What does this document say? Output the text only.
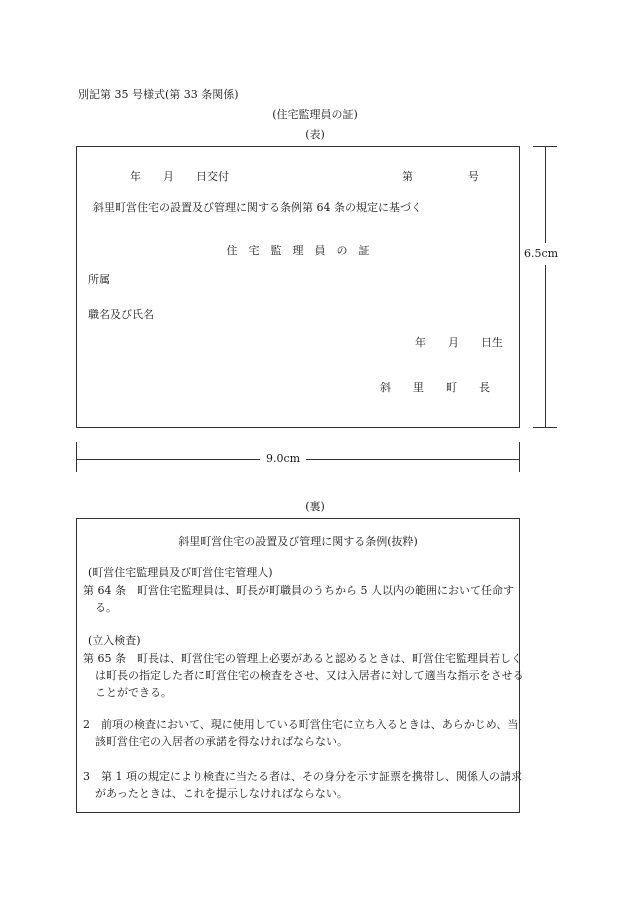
別記第 35 号様式(第 33 条関係)
(住宅監理員の証)
(表)
年　　月　　日交付	第　　　　　号
斜里町営住宅の設置及び管理に関する条例第 64 条の規定に基づく
住　宅　監　理　員　の　証
所属
職名及び氏名
年　　月　　日生
斜　　里　　町　　長
6.5cm
9.0cm
(裏)
斜里町営住宅の設置及び管理に関する条例(抜粋)
(町営住宅監理員及び町営住宅管理人)
第 64 条　町営住宅監理員は、町長が町職員のうちから 5 人以内の範囲において任命する。
(立入検査)
第 65 条　町長は、町営住宅の管理上必要があると認めるときは、町営住宅監理員若しくは町長の指定した者に町営住宅の検査をさせ、又は入居者に対して適当な指示をさせることができる。
2　前項の検査において、現に使用している町営住宅に立ち入るときは、あらかじめ、当該町営住宅の入居者の承諾を得なければならない。
3　第 1 項の規定により検査に当たる者は、その身分を示す証票を携帯し、関係人の請求があったときは、これを提示しなければならない。
